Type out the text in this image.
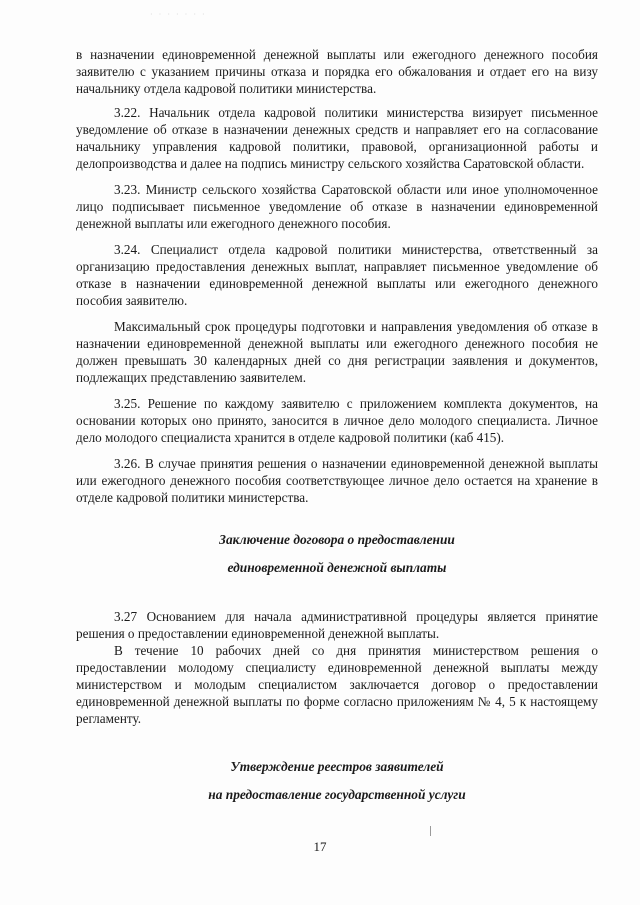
· · · · · · ·

в назначении единовременной денежной выплаты или ежегодного денежного пособия заявителю с указанием причины отказа и порядка его обжалования и отдает его на визу начальнику отдела кадровой политики министерства.

3.22. Начальник отдела кадровой политики министерства визирует письменное уведомление об отказе в назначении денежных средств и направляет его на согласование начальнику управления кадровой политики, правовой, организационной работы и делопроизводства и далее на подпись министру сельского хозяйства Саратовской области.

3.23. Министр сельского хозяйства Саратовской области или иное уполномоченное лицо подписывает письменное уведомление об отказе в назначении единовременной денежной выплаты или ежегодного денежного пособия.

3.24. Специалист отдела кадровой политики министерства, ответственный за организацию предоставления денежных выплат, направляет письменное уведомление об отказе в назначении единовременной денежной выплаты или ежегодного денежного пособия заявителю.

Максимальный срок процедуры подготовки и направления уведомления об отказе в назначении единовременной денежной выплаты или ежегодного денежного пособия не должен превышать 30 календарных дней со дня регистрации заявления и документов, подлежащих представлению заявителем.

3.25. Решение по каждому заявителю с приложением комплекта документов, на основании которых оно принято, заносится в личное дело молодого специалиста. Личное дело молодого специалиста хранится в отделе кадровой политики (каб 415).

3.26. В случае принятия решения о назначении единовременной денежной выплаты или ежегодного денежного пособия соответствующее личное дело остается на хранение в отделе кадровой политики министерства.

Заключение договора о предоставлении
единовременной денежной выплаты

3.27 Основанием для начала административной процедуры является принятие решения о предоставлении единовременной денежной выплаты.

В течение 10 рабочих дней со дня принятия министерством решения о предоставлении молодому специалисту единовременной денежной выплаты между министерством и молодым специалистом заключается договор о предоставлении единовременной денежной выплаты по форме согласно приложениям № 4, 5 к настоящему регламенту.

Утверждение реестров заявителей
на предоставление государственной услуги
17
